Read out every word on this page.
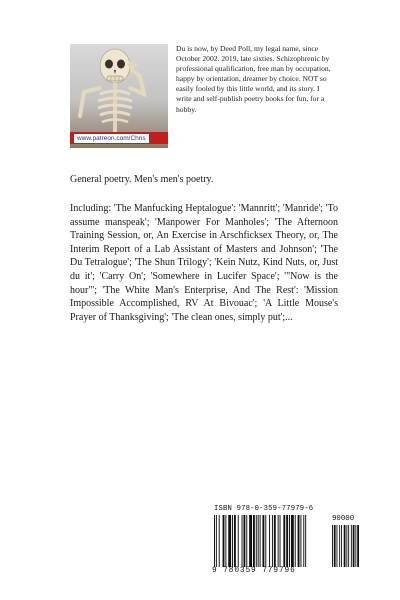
www.patreon.com/Chris
Du is now, by Deed Poll, my legal name, since October 2002. 2019, late sixties. Schizophrenic by professional qualification, free man by occupation, happy by orientation, dreamer by choice. NOT so easily fooled by this little world, and its story. I write and self-publish poetry books for fun, for a hobby.
General poetry. Men's men's poetry.
Including: 'The Manfucking Heptalogue': 'Mannritt'; 'Manride'; 'To assume manspeak'; 'Manpower For Manholes'; 'The Afternoon Training Session, or, An Exercise in Arschficksex Theory, or, The Interim Report of a Lab Assistant of Masters and Johnson'; 'The Du Tetralogue'; 'The Shun Trilogy'; 'Kein Nutz, Kind Nuts, or, Just du it'; 'Carry On'; 'Somewhere in Lucifer Space'; '"Now is the hour"'; 'The White Man's Enterprise, And The Rest': 'Mission Impossible Accomplished, RV At Bivouac'; 'A Little Mouse's Prayer of Thanksgiving'; 'The clean ones, simply put';...
ISBN 978-0-359-77979-6
90000
9 780359 779796
